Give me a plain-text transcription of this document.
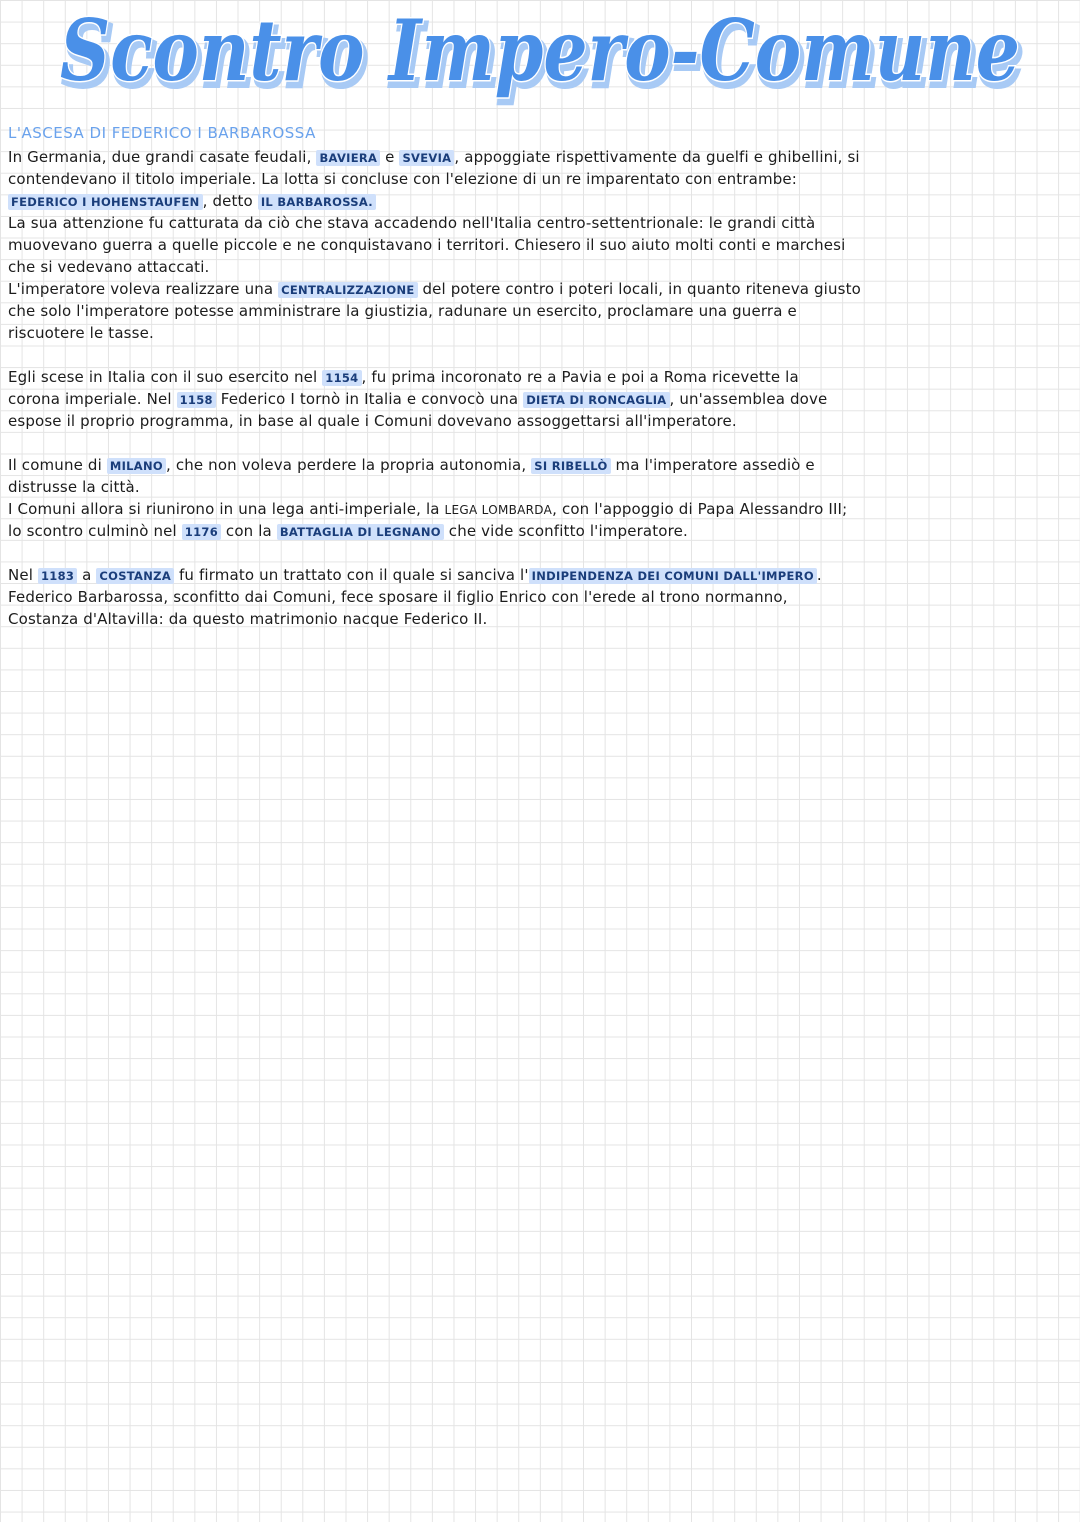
Scontro Impero-Comune
Scontro Impero-Comune
L'ASCESA DI FEDERICO I BARBAROSSA
In Germania, due grandi casate feudali, BAVIERA e SVEVIA , appoggiate rispettivamente da guelfi e ghibellini, si
contendevano il titolo imperiale. La lotta si concluse con l'elezione di un re imparentato con entrambe:
FEDERICO I HOHENSTAUFEN , detto IL BARBAROSSA.
La sua attenzione fu catturata da ciò che stava accadendo nell'Italia centro-settentrionale: le grandi città
muovevano guerra a quelle piccole e ne conquistavano i territori. Chiesero il suo aiuto molti conti e marchesi
che si vedevano attaccati.
L'imperatore voleva realizzare una CENTRALIZZAZIONE del potere contro i poteri locali, in quanto riteneva giusto
che solo l'imperatore potesse amministrare la giustizia, radunare un esercito, proclamare una guerra e
riscuotere le tasse.
Egli scese in Italia con il suo esercito nel 1154 , fu prima incoronato re a Pavia e poi a Roma ricevette la
corona imperiale. Nel 1158 Federico I tornò in Italia e convocò una DIETA DI RONCAGLIA , un'assemblea dove
espose il proprio programma, in base al quale i Comuni dovevano assoggettarsi all'imperatore.
Il comune di MILANO , che non voleva perdere la propria autonomia, SI RIBELLÒ ma l'imperatore assediò e
distrusse la città.
I Comuni allora si riunirono in una lega anti-imperiale, la LEGA LOMBARDA, con l'appoggio di Papa Alessandro III;
lo scontro culminò nel 1176 con la BATTAGLIA DI LEGNANO che vide sconfitto l'imperatore.
Nel 1183 a COSTANZA fu firmato un trattato con il quale si sanciva l' INDIPENDENZA DEI COMUNI DALL'IMPERO .
Federico Barbarossa, sconfitto dai Comuni, fece sposare il figlio Enrico con l'erede al trono normanno,
Costanza d'Altavilla: da questo matrimonio nacque Federico II.
